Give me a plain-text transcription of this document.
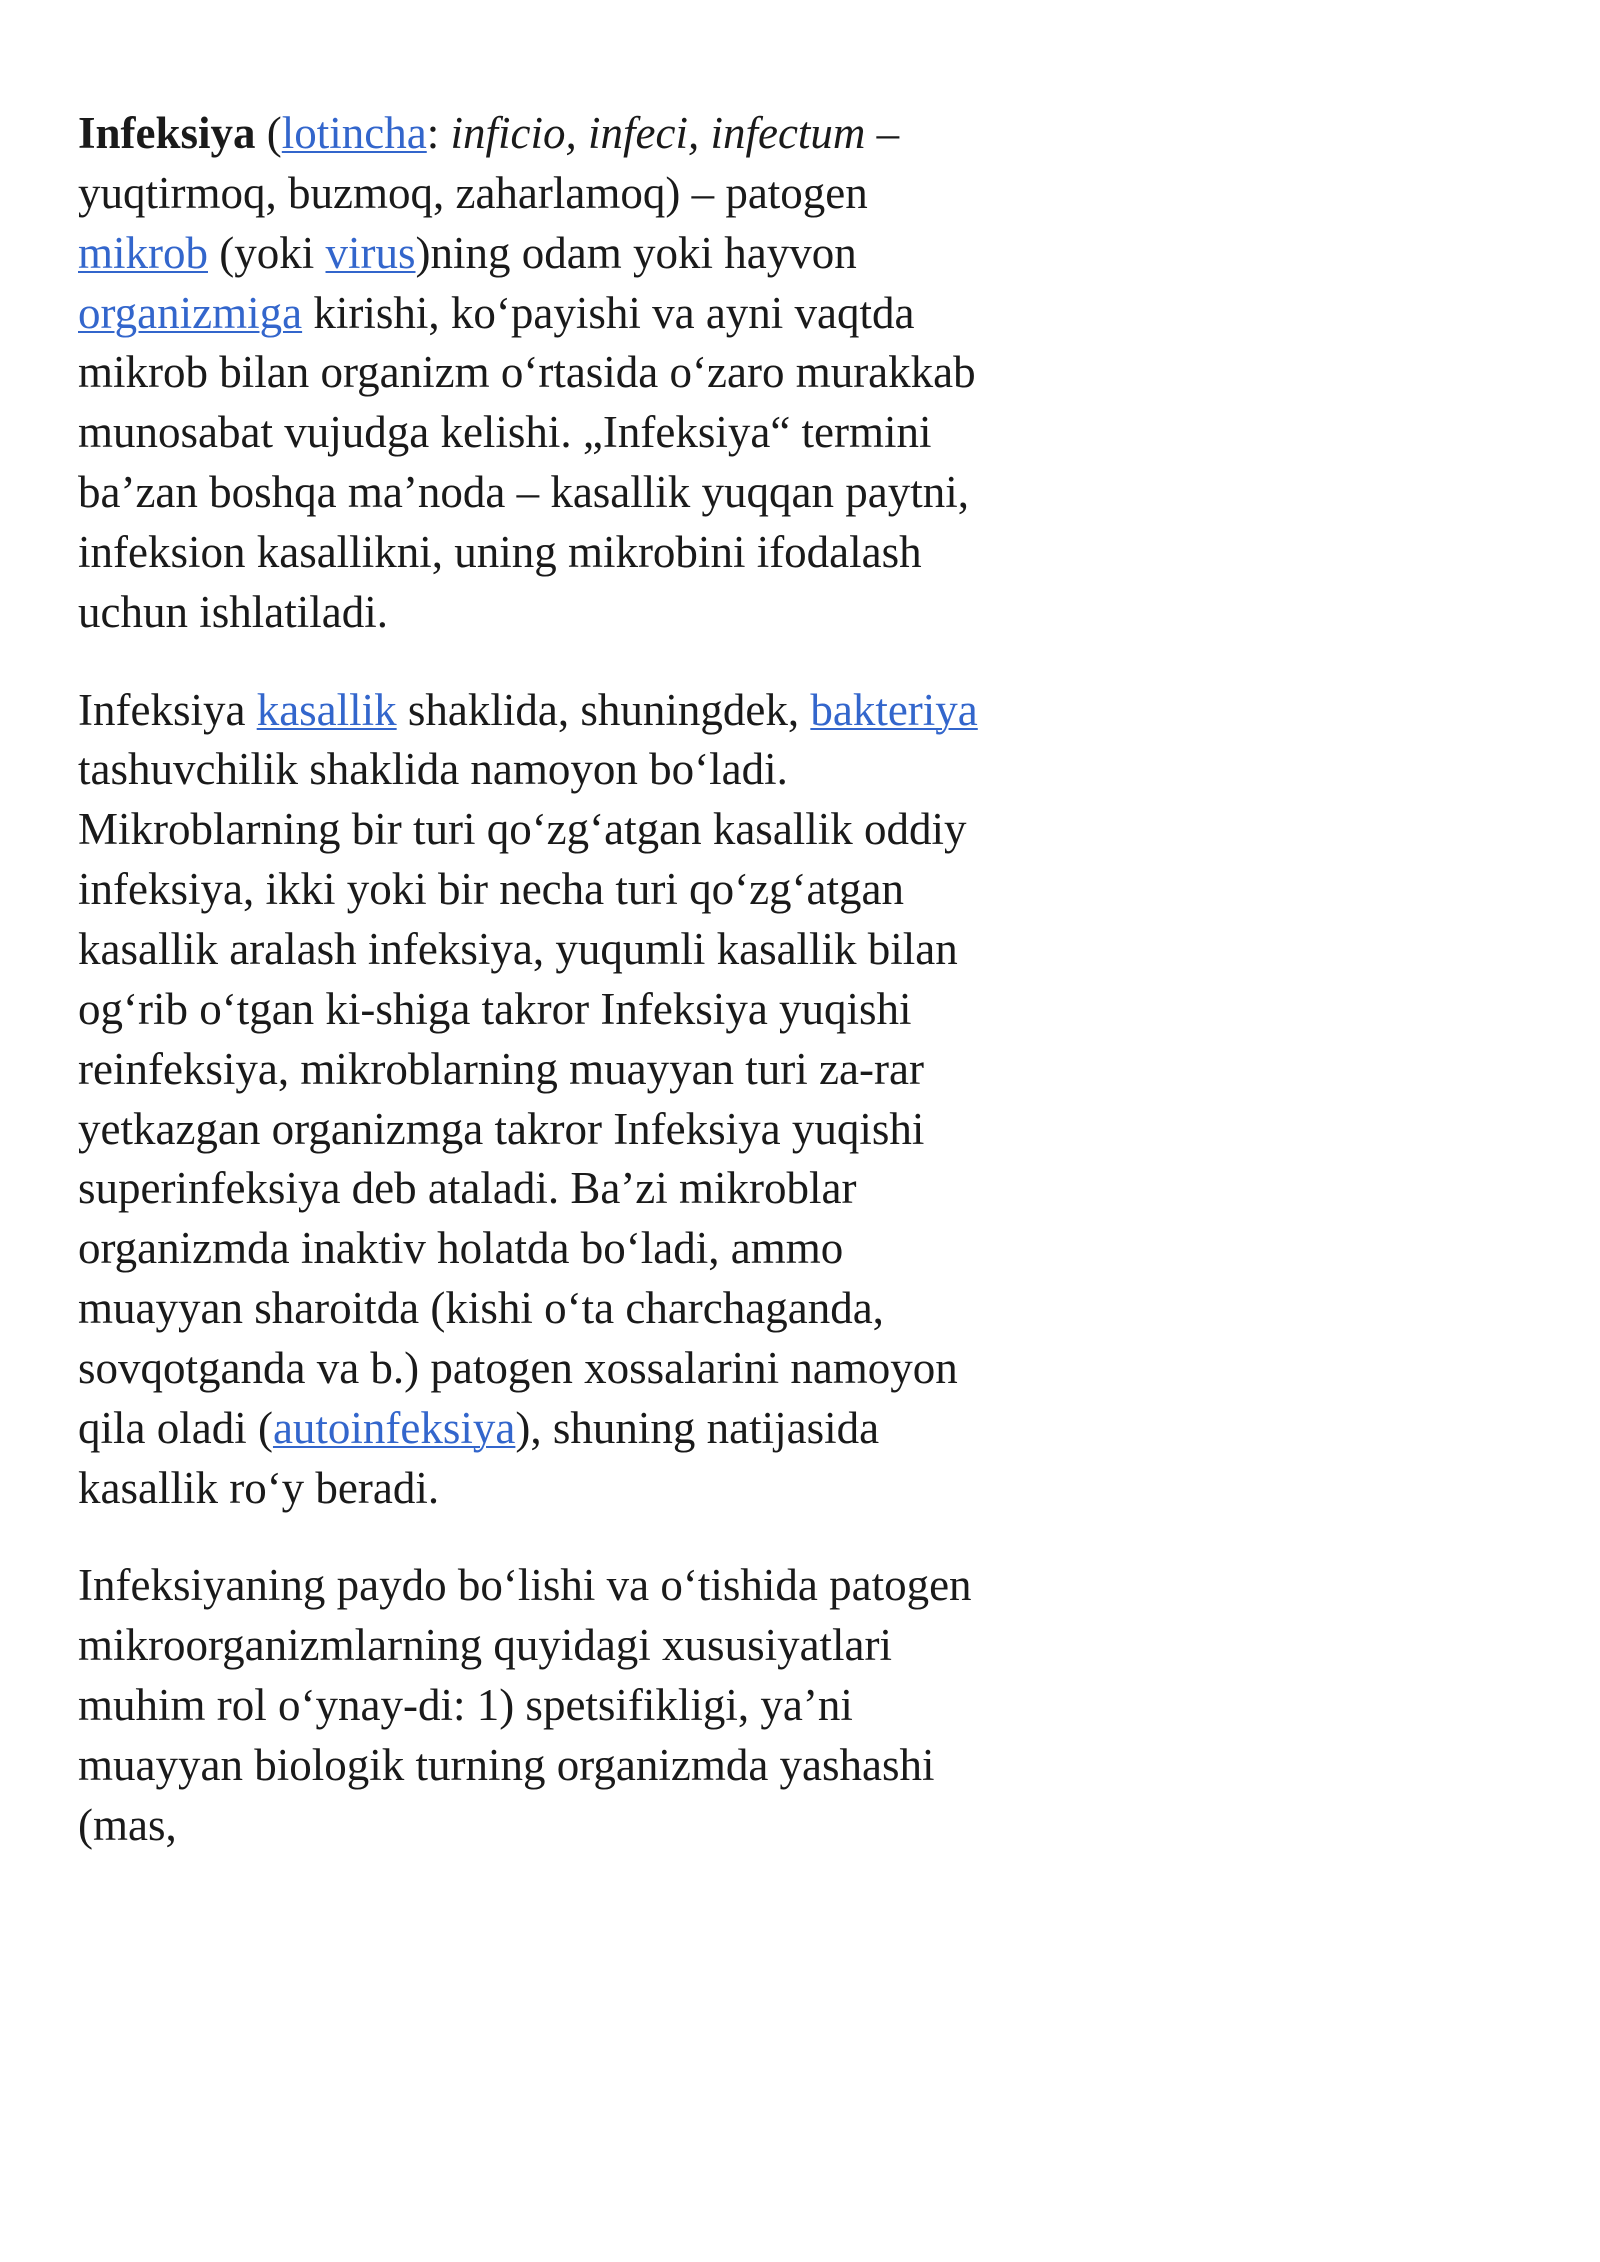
Infeksiya (lotincha: inficio, infeci, infectum – yuqtirmoq, buzmoq, zaharlamoq) – patogen mikrob (yoki virus)ning odam yoki hayvon organizmiga kirishi, ko‘payishi va ayni vaqtda mikrob bilan organizm o‘rtasida o‘zaro murakkab munosabat vujudga kelishi. „Infeksiya“ termini ba’zan boshqa ma’noda – kasallik yuqqan paytni, infeksion kasallikni, uning mikrobini ifodalash uchun ishlatiladi.

Infeksiya kasallik shaklida, shuningdek, bakteriya tashuvchilik shaklida namoyon bo‘ladi. Mikroblarning bir turi qo‘zg‘atgan kasallik oddiy infeksiya, ikki yoki bir necha turi qo‘zg‘atgan kasallik aralash infeksiya, yuqumli kasallik bilan og‘rib o‘tgan ki-shiga takror Infeksiya yuqishi reinfeksiya, mikroblarning muayyan turi za-rar yetkazgan organizmga takror Infeksiya yuqishi superinfeksiya deb ataladi. Ba’zi mikroblar organizmda inaktiv holatda bo‘ladi, ammo muayyan sharoitda (kishi o‘ta charchaganda, sovqotganda va b.) patogen xossalarini namoyon qila oladi (autoinfeksiya), shuning natijasida kasallik ro‘y beradi.

Infeksiyaning paydo bo‘lishi va o‘tishida patogen mikroorganizmlarning quyidagi xususiyatlari muhim rol o‘ynay-di: 1) spetsifikligi, ya’ni muayyan biologik turning organizmda yashashi (mas,
